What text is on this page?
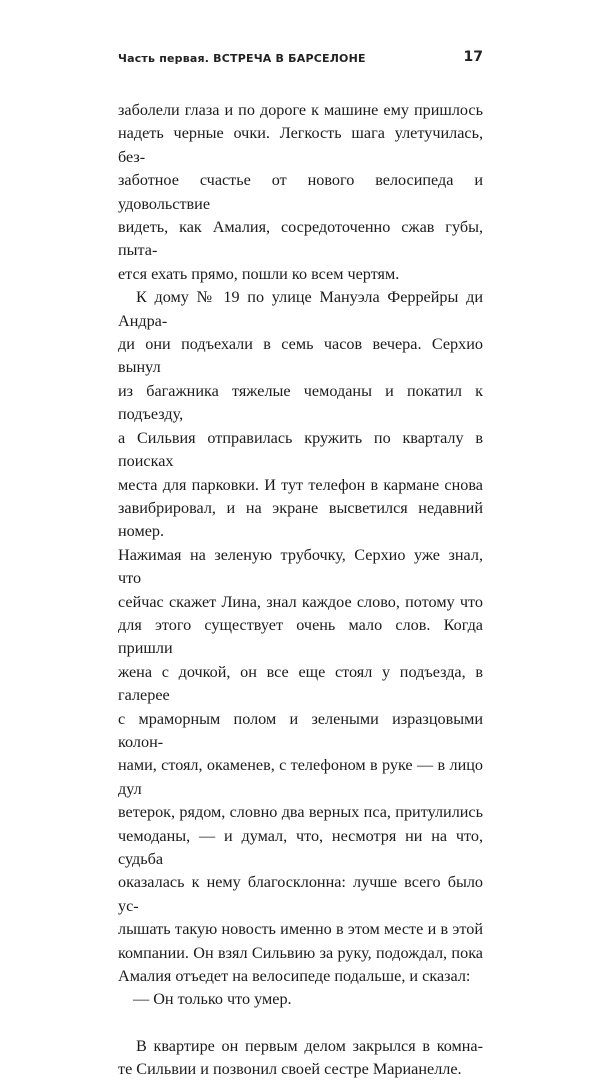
Часть первая. ВСТРЕЧА В БАРСЕЛОНЕ	17
заболели глаза и по дороге к машине ему пришлось
надеть черные очки. Легкость шага улетучилась, без-
заботное счастье от нового велосипеда и удовольствие
видеть, как Амалия, сосредоточенно сжав губы, пыта-
ется ехать прямо, пошли ко всем чертям.
К дому № 19 по улице Мануэла Феррейры ди Андра-
ди они подъехали в семь часов вечера. Серхио вынул
из багажника тяжелые чемоданы и покатил к подъезду,
а Сильвия отправилась кружить по кварталу в поисках
места для парковки. И тут телефон в кармане снова
завибрировал, и на экране высветился недавний номер.
Нажимая на зеленую трубочку, Серхио уже знал, что
сейчас скажет Лина, знал каждое слово, потому что
для этого существует очень мало слов. Когда пришли
жена с дочкой, он все еще стоял у подъезда, в галерее
с мраморным полом и зелеными изразцовыми колон-
нами, стоял, окаменев, с телефоном в руке — в лицо дул
ветерок, рядом, словно два верных пса, притулились
чемоданы, — и думал, что, несмотря ни на что, судьба
оказалась к нему благосклонна: лучше всего было ус-
лышать такую новость именно в этом месте и в этой
компании. Он взял Сильвию за руку, подождал, пока
Амалия отъедет на велосипеде подальше, и сказал:
— Он только что умер.
В квартире он первым делом закрылся в комна-
те Сильвии и позвонил своей сестре Марианелле.
